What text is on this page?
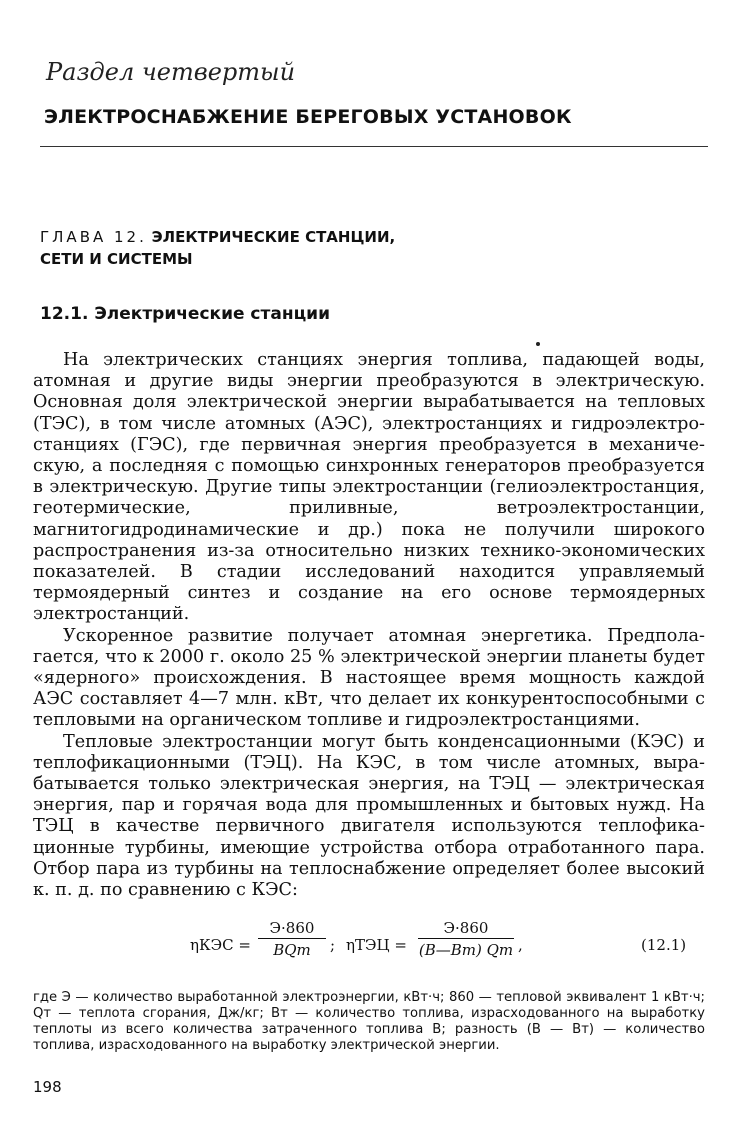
Раздел четвертый
ЭЛЕКТРОСНАБЖЕНИЕ БЕРЕГОВЫХ УСТАНОВОК
ГЛАВА 12. ЭЛЕКТРИЧЕСКИЕ СТАНЦИИ,
СЕТИ И СИСТЕМЫ
12.1. Электрические станции

На электрических станциях энергия топлива, падающей воды, атомная и другие виды энергии преобразуются в электрическую. Основная доля электрической энергии вырабатывается на тепловых (ТЭС), в том числе атомных (АЭС), электростанциях и гидроэлектростанциях (ГЭС), где первичная энергия преобразуется в механическую, а последняя с помощью синхронных генераторов преобразуется в электрическую. Другие типы электростанции (гелиоэлектростанция, геотермические, приливные, ветроэлектростанции, магнитогидродинамические и др.) пока не получили широкого распространения из-за относительно низких технико-экономических показателей. В стадии исследований находится управляемый термоядерный синтез и создание на его основе термоядерных электростанций.

Ускоренное развитие получает атомная энергетика. Предполагается, что к 2000 г. около 25 % электрической энергии планеты будет «ядерного» происхождения. В настоящее время мощность каждой АЭС составляет 4—7 млн. кВт, что делает их конкурентоспособными с тепловыми на органическом топливе и гидроэлектростанциями.

Тепловые электростанции могут быть конденсационными (КЭС) и теплофикационными (ТЭЦ). На КЭС, в том числе атомных, вырабатывается только электрическая энергия, на ТЭЦ — электрическая энергия, пар и горячая вода для промышленных и бытовых нужд. На ТЭЦ в качестве первичного двигателя используются теплофикационные турбины, имеющие устройства отбора отработанного пара. Отбор пара из турбины на теплоснабжение определяет более высокий к. п. д. по сравнению с КЭС:

ηКЭС =
Э·860
BQт	; ηТЭЦ =
Э·860
(B—Bт) Qт ,	(12.1)
где Э — количество выработанной электроэнергии, кВт·ч; 860 — тепловой эквивалент 1 кВт·ч; Qт — теплота сгорания, Дж/кг; Bт — количество топлива, израсходованного на выработку теплоты из всего количества затраченного топлива B; разность (B — Bт) — количество топлива, израсходованного на выработку электрической энергии.
198
